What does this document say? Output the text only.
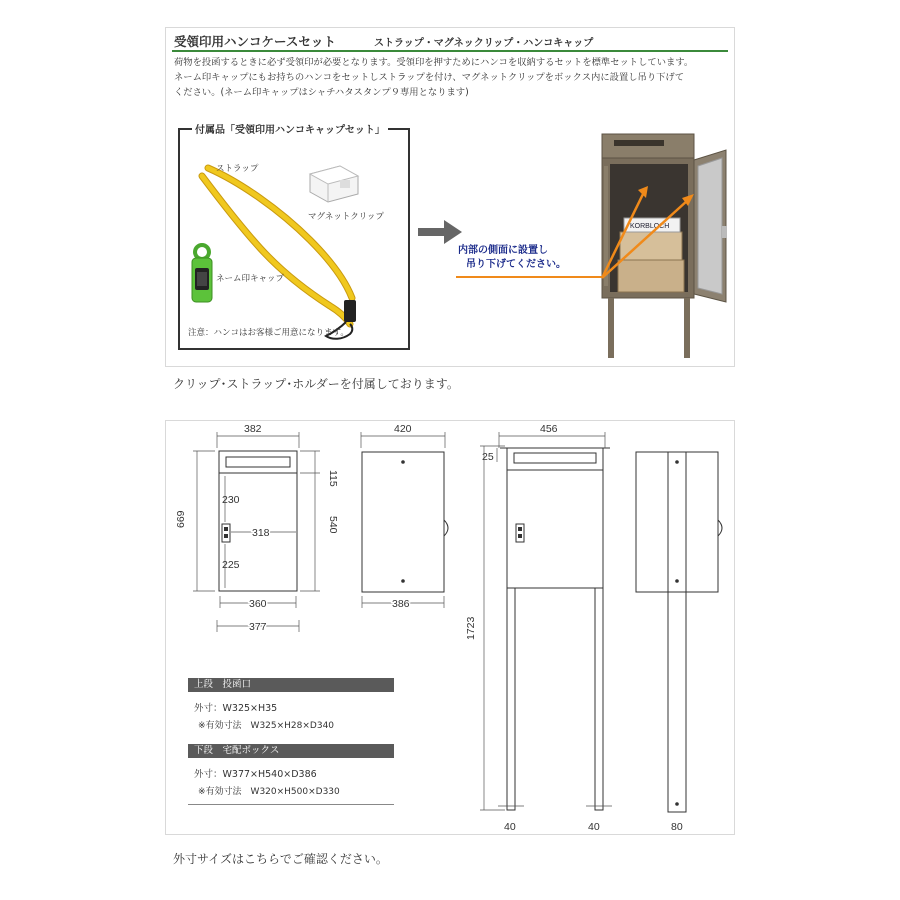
受領印用ハンコケースセット	ストラップ・マグネックリップ・ハンコキャップ
荷物を投函するときに必ず受領印が必要となります。受領印を押すためにハンコを収納するセットを標準セットしています。
ネーム印キャップにもお持ちのハンコをセットしストラップを付け、マグネットクリップをボックス内に設置し吊り下げて
ください。(ネーム印キャップはシャチハタスタンプ９専用となります)
付属品「受領印用ハンコキャップセット」
ストラップ
マグネットクリップ
ネーム印キャップ
注意：ハンコはお客様ご用意になります。
KORBLOCH
内部の側面に設置し
吊り下げてください。
クリップ･ストラップ･ホルダーを付属しております。
382
669
115
540
230
225
318
360
377
420
386
456
25
1723
40	40	80
上段　投函口
外寸：W325×H35
※有効寸法　W325×H28×D340
下段　宅配ボックス
外寸：W377×H540×D386
※有効寸法　W320×H500×D330
外寸サイズはこちらでご確認ください。
